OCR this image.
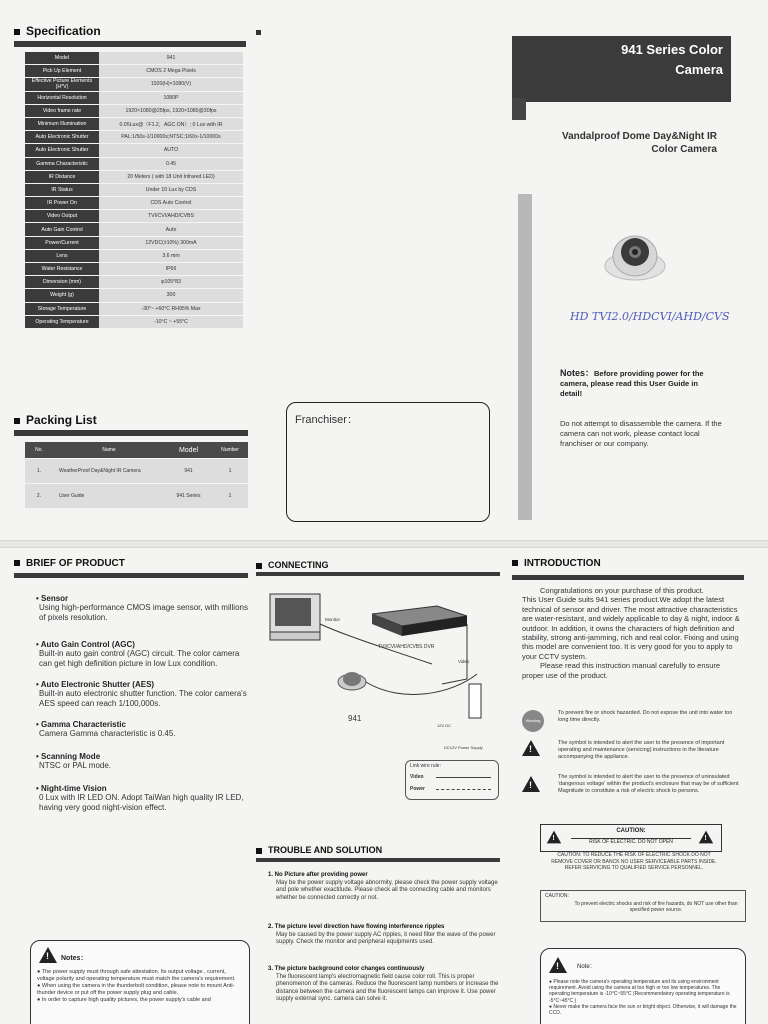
Specification
Model	941
Pick Up Element	CMOS 2 Mega Pixels
Effective Picture Elements (H*V)	1920(H)×1080(V)
Horizontal Resolution	1080P
Video frame rate	1920×1080@25fps, 1920×1080@30fps
Minimum Illumination	0.05Lux@（F1.2，AGC ON）; 0 Lux with IR
Auto Electronic Shutter	PAL:1/50s-1/10000s;NTSC:1/60s-1/10000s
Auto Electronic Shutter	AUTO
Gamma Characteristic	0.45
IR Distance	20 Meters ( with 18 Unit Infrared LED)
IR Status	Under 10 Lux by CDS
IR Power On	CDS Auto Control
Video Output	TVI/CVI/AHD/CVBS
Auto Gain Control	Auto
Power/Current	12VDC(±10%) 300mA
Lens	3.6 mm
Water Resistance	IP66
Dimension (mm)	φ105*83
Weight (g)	300
Storage Temperature	-30°~ +60°C RH95% Max
Operating Temperature	-10°C ~ +55°C
Packing List
No.	Name	Model	Number
1.	WeatherProof Day&Night IR Camera	941	1
2.	User Guide	941 Series	1
Franchiser：
941 Series Color
Camera
Vandalproof Dome Day&Night IR
Color Camera
HD TVI2.0/HDCVI/AHD/CVS
Notes：Before providing power for the camera, please read this User Guide in detail!
Do not attempt to disassemble the camera. If the camera can not work, please contact local franchiser or our company.
BRIEF OF PRODUCT
• Sensor
Using high-performance CMOS image sensor, with millions of pixels resolution.
• Auto Gain Control (AGC)
Built-in auto gain control (AGC) circuit. The color camera can get high definition picture in low Lux condition.
• Auto Electronic Shutter (AES)
Built-in auto electronic shutter function. The color camera's AES speed can reach 1/100,000s.
• Gamma Characteristic
Camera Gamma characteristic is 0.45.
• Scanning Mode
NTSC or PAL mode.
• Night-time Vision
0 Lux with IR LED ON. Adopt TaiWan high quality IR LED, having very good night-vision effect.
!
Notes：
● The power supply must through safe attestation. Its output voltage , current， voltage polarity and operating temperature must match the camera's requirement.
● When using the camera in the thunderbolt condition, please note to mount Anti-thunder device or put off the power supply plug and cable.
● In order to capture high quality pictures, the power supply's cable and
CONNECTING
Monitor
TVI/CVI/AHD/CVBS DVR
Video
941
12V DC
DC12V Power Supply
Link wire rule：
Video
Power
TROUBLE AND SOLUTION
1. No Picture after providing power
May be the power supply voltage abnormity, please check the power supply voltage and pole whether exactitude. Please check all the connecting cable and monitors whether be connected correctly or not.
2. The picture level direction have flowing interference ripples
May be caused by the power supply AC ripples, it need filter the wave of the power supply. Check the monitor and peripheral equipments used.
3. The picture background color changes continuously
The fluorescent lamp's electromagnetic field cause color roll. This is proper phenomenon of the cameras. Reduce the fluorescent lamp numbers or increase the distance between the camera and the fluorescent lamps can improve it. Use power supply external sync. camera can solve it.
INTRODUCTION
Congratulations on your purchase of this product.
This User Guide suits 941 series product.We adopt the latest technical of sensor and driver. The most attractive characteristics are water-resistant, and widely applicable to day & night, indoor & outdoor. In addition, it owns the characters of high definition and stability, strong anti-jamming, rich and real color. Fixing and using this model are convenient too. It is very good for you to apply to your CCTV system.
Please read this instruction manual carefully to ensure proper use of the product.
Warning
To prevent fire or shock hazarded. Do not expose the unit into water too long time directly.
!
The symbol is intended to alert the user to the presence of important operating and maintenance (servicing) instructions in the literature accompanying the appliance.
!
The symbol is intended to alert the user to the presence of uninsulated 'dangerous voltage' within the product's enclosure that may be of sufficient Magnitude to constitute a risk of electric shock to persons.
!
!
CAUTION:
RISK OF ELECTRIC. DO NOT OPEN
CAUTION: TO REDUCE THE RISK OF ELECTRIC SHOCK DO NOT REMOVE COVER OR BANCK NO USER SERVICEABLE PARTS INSIDE. REFER SERVICING TO QUALIFIED SERVICE PERSONNEL.
CAUTION:
To prevent electric shocks and risk of fire hazards, do NOT use other than specified power source.
!
Note：
● Please note the camera's operating temperature and its using environment requirement. Avoid using the camera at too high or too low temperatures. The operating temperature is -10°C~55°C (Recommendatory operating temperature is -5°C~45°C )
● Never make the camera face the sun or bright object. Otherwise, it will damage the CCD.
